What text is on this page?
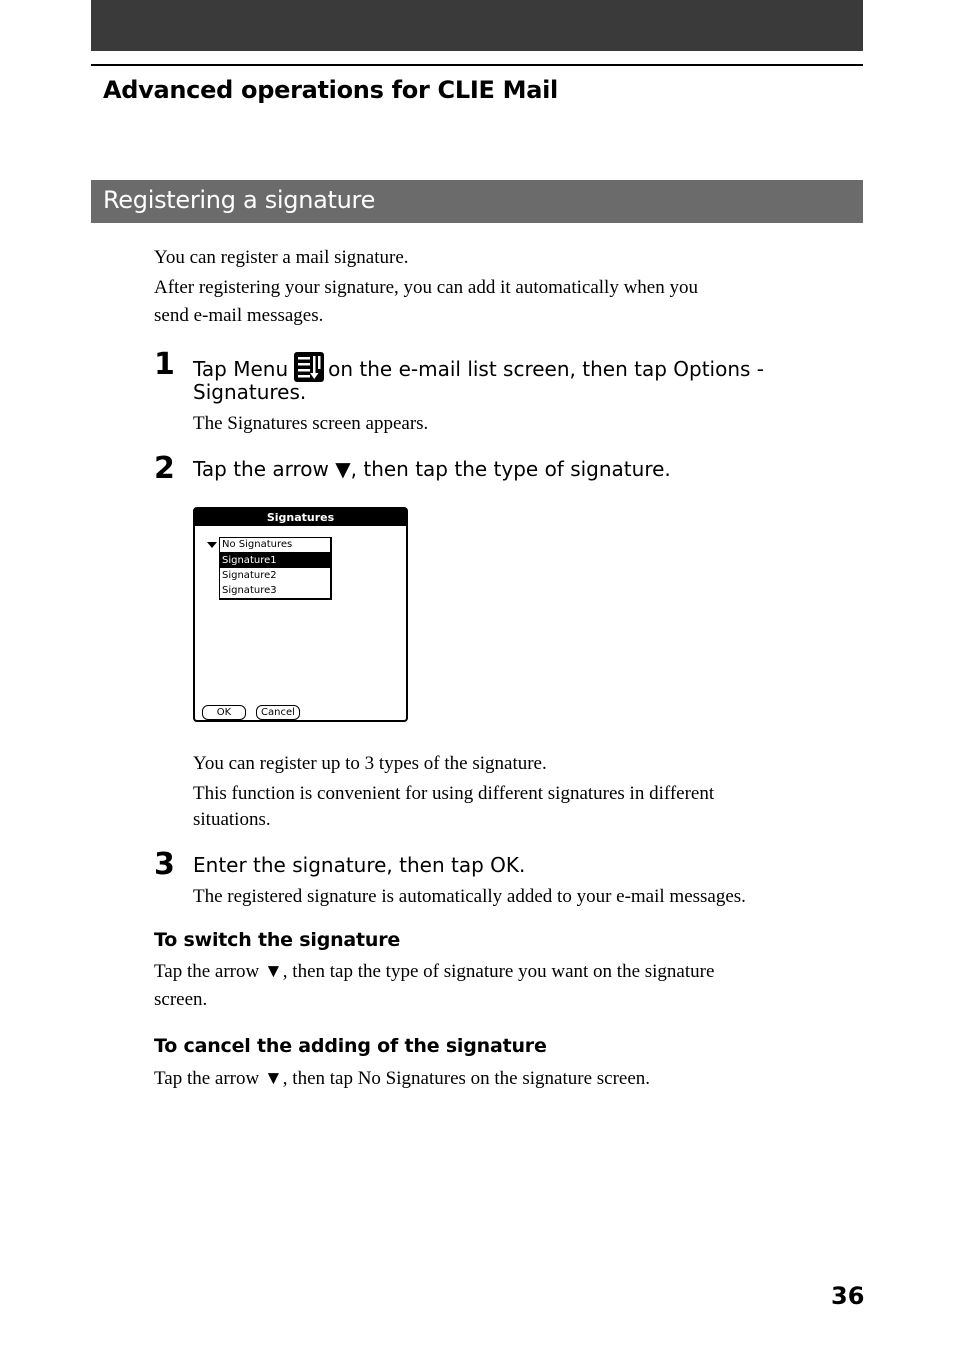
Advanced operations for CLIE Mail
Registering a signature

You can register a mail signature.

After registering your signature, you can add it automatically when you

send e-mail messages.

1 Tap Menu on the e-mail list screen, then tap Options -

Signatures.

The Signatures screen appears.

2 Tap the arrow ▼, then tap the type of signature.

Signatures
No Signatures
Signature1
Signature2
Signature3
OK	Cancel

You can register up to 3 types of the signature.

This function is convenient for using different signatures in different

situations.

3 Enter the signature, then tap OK.

The registered signature is automatically added to your e-mail messages.

To switch the signature

Tap the arrow ▼, then tap the type of signature you want on the signature

screen.

To cancel the adding of the signature

Tap the arrow ▼, then tap No Signatures on the signature screen.

36
